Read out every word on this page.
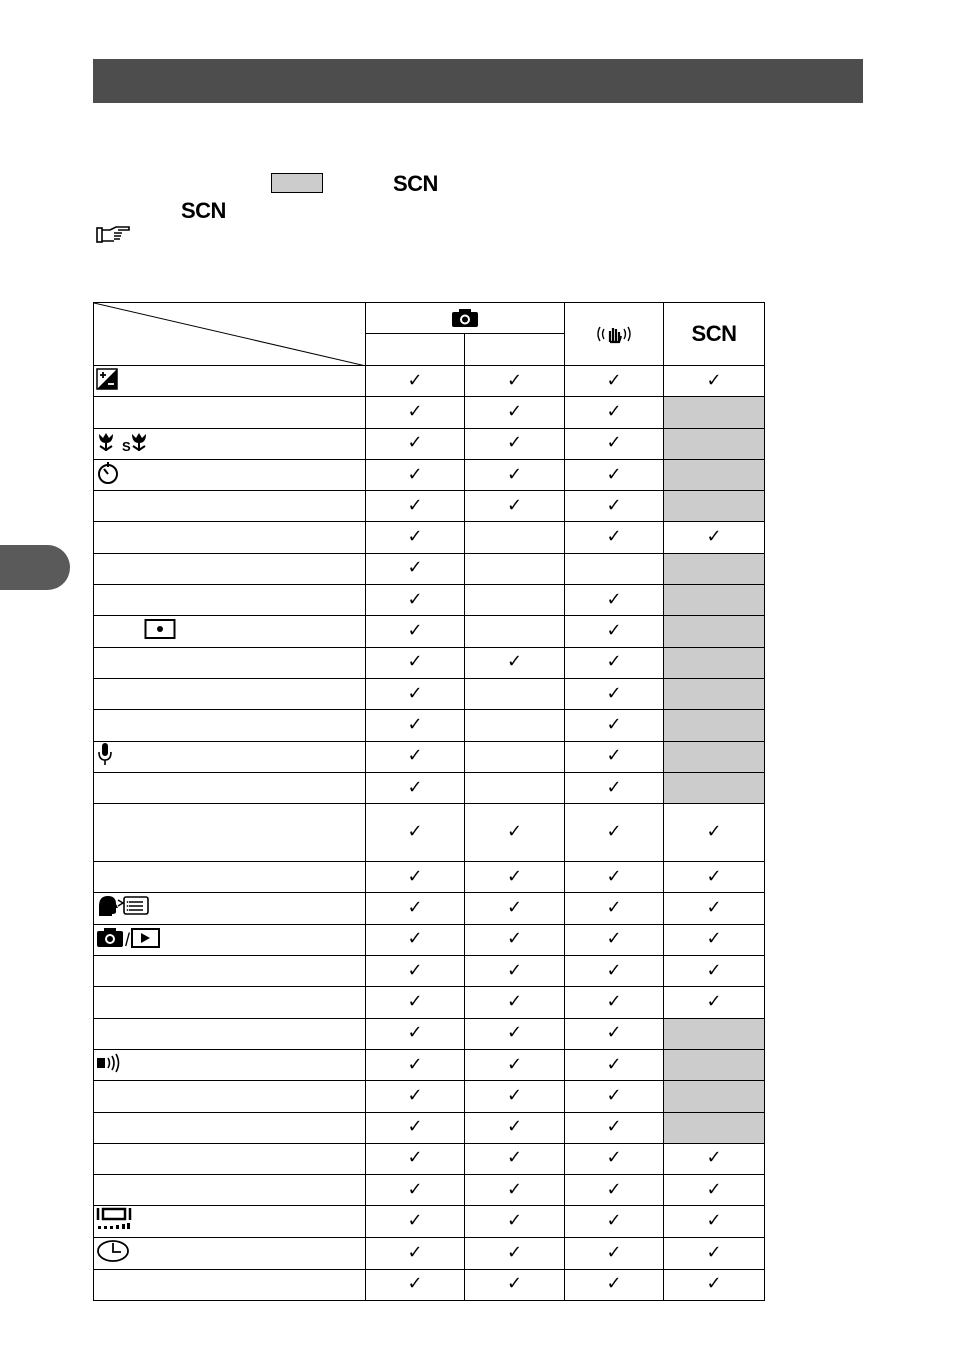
SCN
SCN
			SCN

	✓	✓	✓	✓
	✓	✓	✓	

S	✓	✓	✓	
	✓	✓	✓	
	✓	✓	✓	
	✓		✓	✓
	✓			
	✓		✓	
	✓		✓	
	✓	✓	✓	
	✓		✓	
	✓		✓	
	✓		✓	
	✓		✓	
	✓	✓	✓	✓
	✓	✓	✓	✓
	✓	✓	✓	✓

/	✓	✓	✓	✓
	✓	✓	✓	✓
	✓	✓	✓	✓
	✓	✓	✓	
	✓	✓	✓	
	✓	✓	✓	
	✓	✓	✓	
	✓	✓	✓	✓
	✓	✓	✓	✓
	✓	✓	✓	✓
	✓	✓	✓	✓
	✓	✓	✓	✓
